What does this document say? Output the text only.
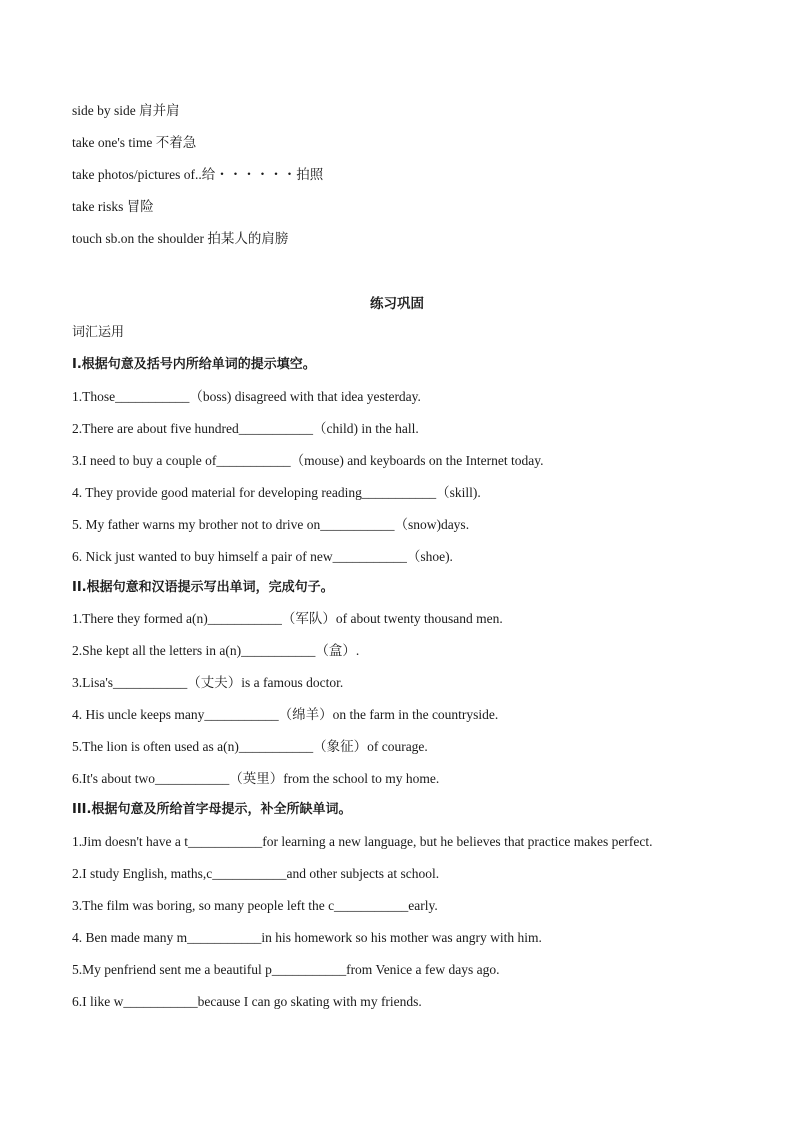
side by side 肩并肩
take one's time 不着急
take photos/pictures of..给・・・・・・拍照
take risks 冒险
touch sb.on the shoulder 拍某人的肩膀
练习巩固
词汇运用
I.根据句意及括号内所给单词的提示填空。
1.Those___________（boss) disagreed with that idea yesterday.
2.There are about five hundred___________（child) in the hall.
3.I need to buy a couple of___________（mouse) and keyboards on the Internet today.
4. They provide good material for developing reading___________（skill).
5. My father warns my brother not to drive on___________（snow)days.
6. Nick just wanted to buy himself a pair of new___________（shoe).
II.根据句意和汉语提示写出单词，完成句子。
1.There they formed a(n)___________（军队）of about twenty thousand men.
2.She kept all the letters in a(n)___________（盒）.
3.Lisa's___________（丈夫）is a famous doctor.
4. His uncle keeps many___________（绵羊）on the farm in the countryside.
5.The lion is often used as a(n)___________（象征）of courage.
6.It's about two___________（英里）from the school to my home.
III.根据句意及所给首字母提示，补全所缺单词。
1.Jim doesn't have a t___________for learning a new language, but he believes that practice makes perfect.
2.I study English, maths,c___________and other subjects at school.
3.The film was boring, so many people left the c___________early.
4. Ben made many m___________in his homework so his mother was angry with him.
5.My penfriend sent me a beautiful p___________from Venice a few days ago.
6.I like w___________because I can go skating with my friends.
